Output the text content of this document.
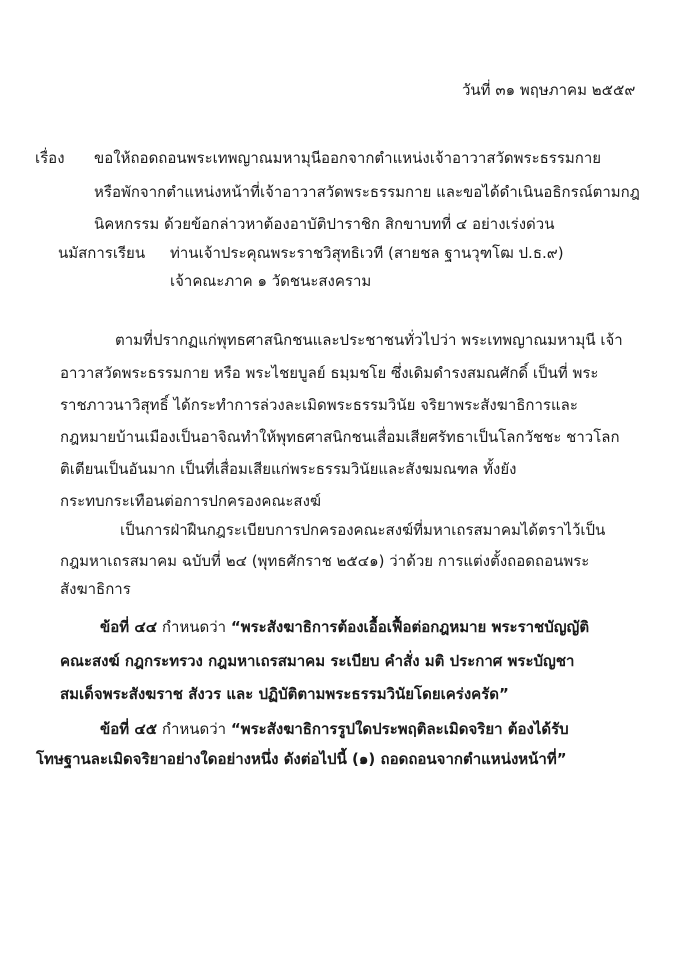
วันที่ ๓๑ พฤษภาคม ๒๕๕๙
เรื่อง ขอให้ถอดถอนพระเทพญาณมหามุนีออกจากตำแหน่งเจ้าอาวาสวัดพระธรรมกาย
หรือพักจากตำแหน่งหน้าที่เจ้าอาวาสวัดพระธรรมกาย และขอได้ดำเนินอธิกรณ์ตามกฎ
นิคหกรรม ด้วยข้อกล่าวหาต้องอาบัติปาราชิก สิกขาบทที่ ๔ อย่างเร่งด่วน
นมัสการเรียน ท่านเจ้าประคุณพระราชวิสุทธิเวที (สายชล ฐานวุฑโฒ ป.ธ.๙)
เจ้าคณะภาค ๑ วัดชนะสงคราม
ตามที่ปรากฏแก่พุทธศาสนิกชนและประชาชนทั่วไปว่า พระเทพญาณมหามุนี เจ้า
อาวาสวัดพระธรรมกาย หรือ พระไชยบูลย์ ธมฺมชโย ซึ่งเดิมดำรงสมณศักดิ์ เป็นที่ พระ
ราชภาวนาวิสุทธิ์ ได้กระทำการล่วงละเมิดพระธรรมวินัย จริยาพระสังฆาธิการและ
กฎหมายบ้านเมืองเป็นอาจิณทำให้พุทธศาสนิกชนเสื่อมเสียศรัทธาเป็นโลกวัชชะ ชาวโลก
ติเตียนเป็นอันมาก เป็นที่เสื่อมเสียแก่พระธรรมวินัยและสังฆมณฑล ทั้งยัง
กระทบกระเทือนต่อการปกครองคณะสงฆ์
เป็นการฝ่าฝืนกฎระเบียบการปกครองคณะสงฆ์ที่มหาเถรสมาคมได้ตราไว้เป็น
กฎมหาเถรสมาคม ฉบับที่ ๒๔ (พุทธศักราช ๒๕๔๑) ว่าด้วย การแต่งตั้งถอดถอนพระ
สังฆาธิการ
ข้อที่ ๔๔ กำหนดว่า “พระสังฆาธิการต้องเอื้อเฟื้อต่อกฎหมาย พระราชบัญญัติ
คณะสงฆ์ กฎกระทรวง กฎมหาเถรสมาคม ระเบียบ คำสั่ง มติ ประกาศ พระบัญชา
สมเด็จพระสังฆราช สังวร และ ปฏิบัติตามพระธรรมวินัยโดยเคร่งครัด”
ข้อที่ ๔๕ กำหนดว่า “พระสังฆาธิการรูปใดประพฤติละเมิดจริยา ต้องได้รับ
โทษฐานละเมิดจริยาอย่างใดอย่างหนึ่ง ดังต่อไปนี้ (๑) ถอดถอนจากตำแหน่งหน้าที่”
